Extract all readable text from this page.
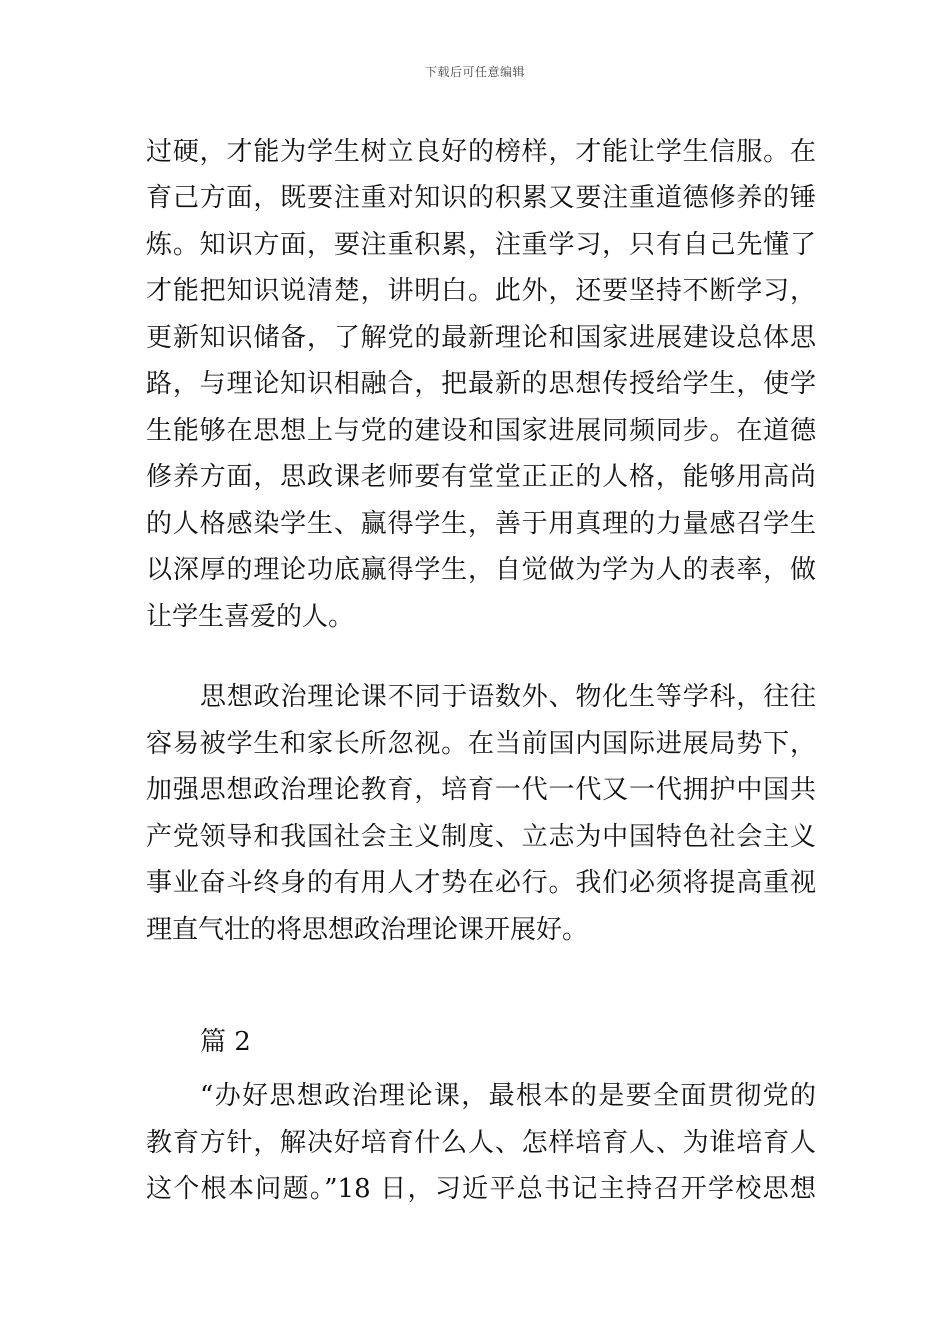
下载后可任意编辑
过硬，才能为学生树立良好的榜样，才能让学生信服。在
育己方面，既要注重对知识的积累又要注重道德修养的锤
炼。知识方面，要注重积累，注重学习，只有自己先懂了
才能把知识说清楚，讲明白。此外，还要坚持不断学习，
更新知识储备，了解党的最新理论和国家进展建设总体思
路，与理论知识相融合，把最新的思想传授给学生，使学
生能够在思想上与党的建设和国家进展同频同步。在道德
修养方面，思政课老师要有堂堂正正的人格，能够用高尚
的人格感染学生、赢得学生，善于用真理的力量感召学生
以深厚的理论功底赢得学生，自觉做为学为人的表率，做
让学生喜爱的人。
思想政治理论课不同于语数外、物化生等学科，往往
容易被学生和家长所忽视。在当前国内国际进展局势下，
加强思想政治理论教育，培育一代一代又一代拥护中国共
产党领导和我国社会主义制度、立志为中国特色社会主义
事业奋斗终身的有用人才势在必行。我们必须将提高重视
理直气壮的将思想政治理论课开展好。
篇 2
“办好思想政治理论课，最根本的是要全面贯彻党的
教育方针，解决好培育什么人、怎样培育人、为谁培育人
这个根本问题。”18 日，习近平总书记主持召开学校思想
